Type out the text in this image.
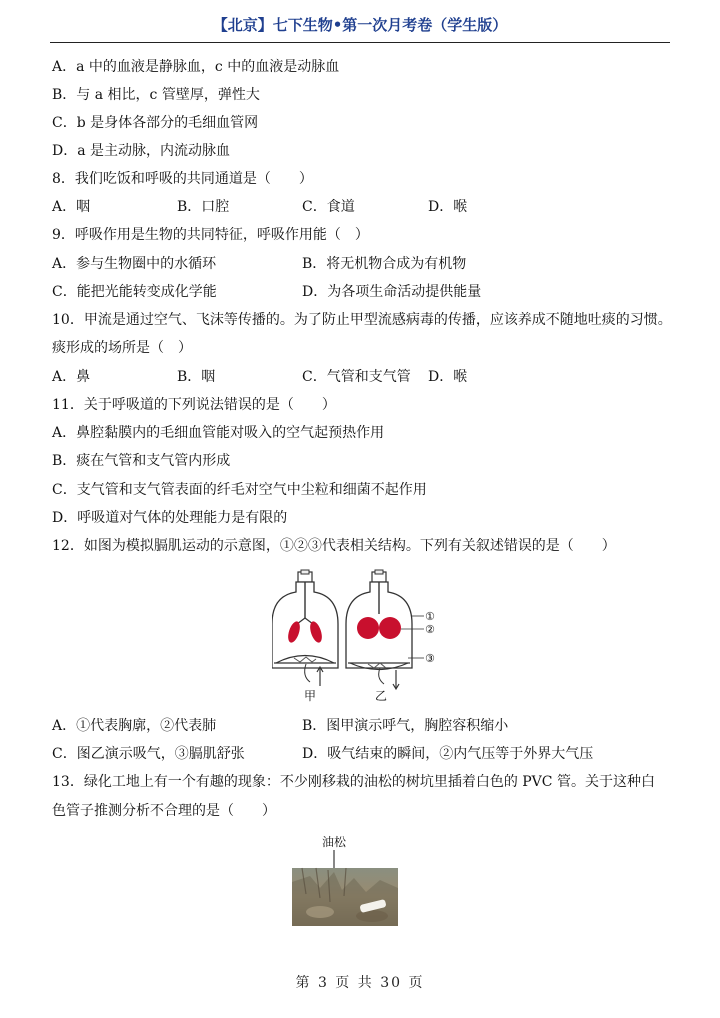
【北京】七下生物•第一次月考卷（学生版）
A．a 中的血液是静脉血，c 中的血液是动脉血
B．与 a 相比，c 管壁厚，弹性大
C．b 是身体各部分的毛细血管网
D．a 是主动脉，内流动脉血
8．我们吃饭和呼吸的共同通道是（　　）
A．咽	B．口腔	C．食道	D．喉
9．呼吸作用是生物的共同特征，呼吸作用能（　）
A．参与生物圈中的水循环	B．将无机物合成为有机物
C．能把光能转变成化学能	D．为各项生命活动提供能量
10．甲流是通过空气、飞沫等传播的。为了防止甲型流感病毒的传播，应该养成不随地吐痰的习惯。
痰形成的场所是（　）
A．鼻	B．咽	C．气管和支气管 D．喉
11．关于呼吸道的下列说法错误的是（　　）
A．鼻腔黏膜内的毛细血管能对吸入的空气起预热作用
B．痰在气管和支气管内形成
C．支气管和支气管表面的纤毛对空气中尘粒和细菌不起作用
D．呼吸道对气体的处理能力是有限的
12．如图为模拟膈肌运动的示意图，①②③代表相关结构。下列有关叙述错误的是（　　）
甲	乙
①
②
③
A．①代表胸廓，②代表肺	B．图甲演示呼气，胸腔容积缩小
C．图乙演示吸气，③膈肌舒张	D．吸气结束的瞬间，②内气压等于外界大气压
13．绿化工地上有一个有趣的现象：不少刚移栽的油松的树坑里插着白色的 PVC 管。关于这种白
色管子推测分析不合理的是（　　）
油松
第 3 页 共 30 页
